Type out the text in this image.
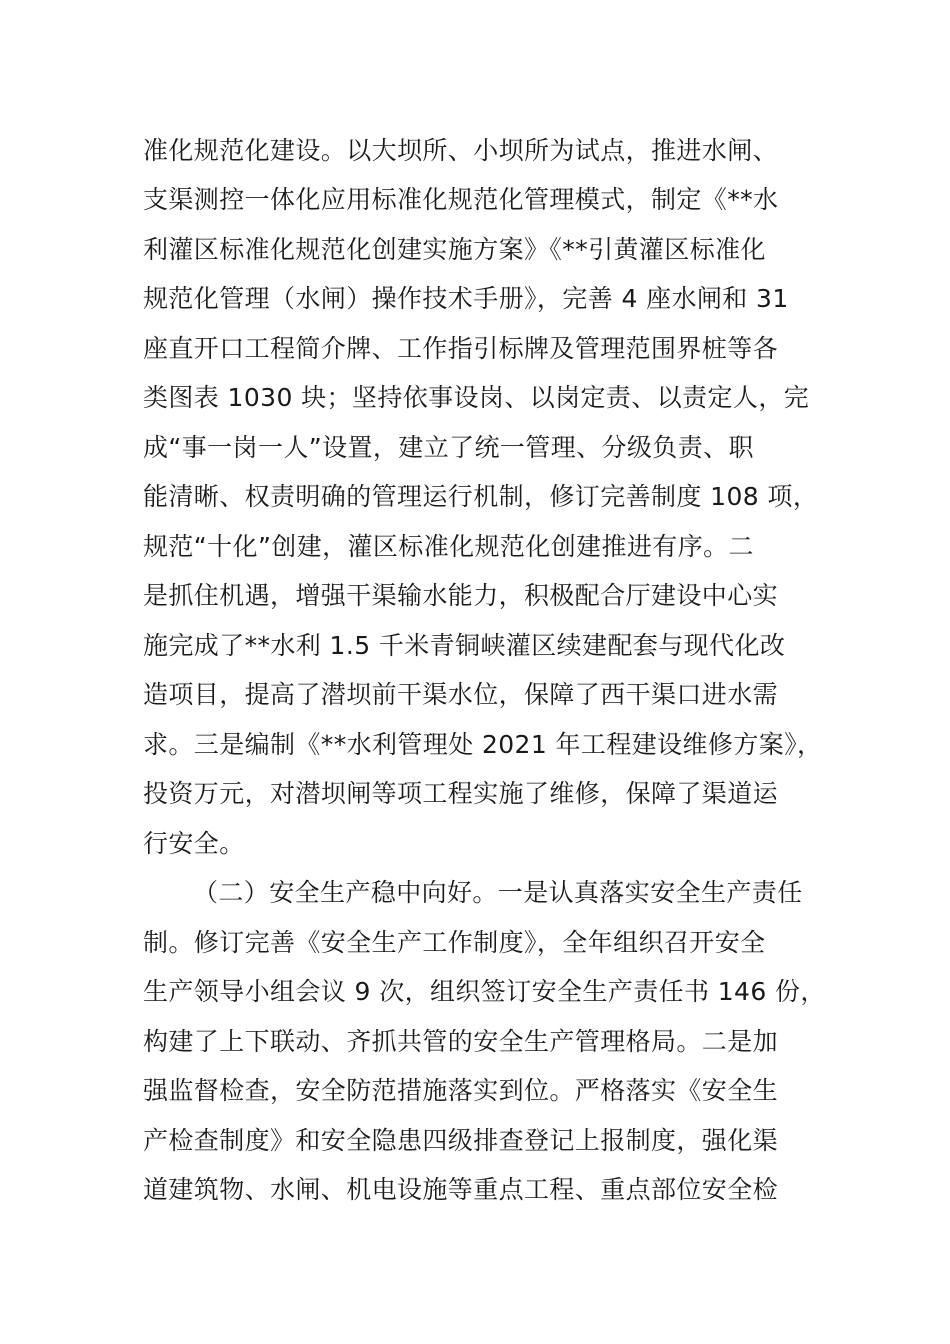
准化规范化建设。以大坝所、小坝所为试点，推进水闸、
支渠测控一体化应用标准化规范化管理模式，制定《**水
利灌区标准化规范化创建实施方案》《**引黄灌区标准化
规范化管理（水闸）操作技术手册》，完善 4 座水闸和 31
座直开口工程简介牌、工作指引标牌及管理范围界桩等各
类图表 1030 块；坚持依事设岗、以岗定责、以责定人，完
成“事一岗一人”设置，建立了统一管理、分级负责、职
能清晰、权责明确的管理运行机制，修订完善制度 108 项，
规范“十化”创建，灌区标准化规范化创建推进有序。二
是抓住机遇，增强干渠输水能力，积极配合厅建设中心实
施完成了**水利 1.5 千米青铜峡灌区续建配套与现代化改
造项目，提高了潜坝前干渠水位，保障了西干渠口进水需
求。三是编制《**水利管理处 2021 年工程建设维修方案》，
投资万元，对潜坝闸等项工程实施了维修，保障了渠道运
行安全。
（二）安全生产稳中向好。一是认真落实安全生产责任
制。修订完善《安全生产工作制度》，全年组织召开安全
生产领导小组会议 9 次，组织签订安全生产责任书 146 份，
构建了上下联动、齐抓共管的安全生产管理格局。二是加
强监督检查，安全防范措施落实到位。严格落实《安全生
产检查制度》和安全隐患四级排查登记上报制度，强化渠
道建筑物、水闸、机电设施等重点工程、重点部位安全检
